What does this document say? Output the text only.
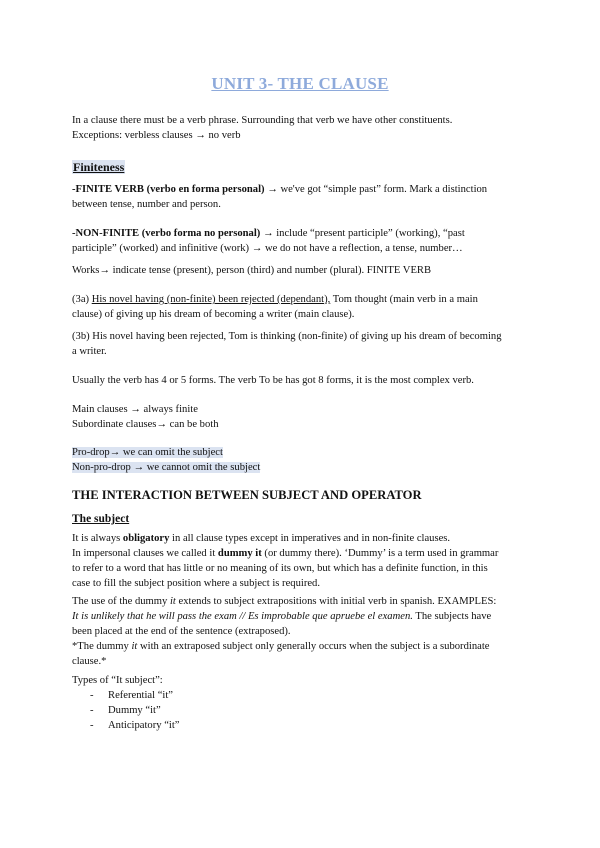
UNIT 3- THE CLAUSE
In a clause there must be a verb phrase. Surrounding that verb we have other constituents.
Exceptions: verbless clauses → no verb
Finiteness
-FINITE VERB (verbo en forma personal) → we've got “simple past” form. Mark a distinction
between tense, number and person.
-NON-FINITE (verbo forma no personal) → include “present participle” (working), “past
participle” (worked) and infinitive (work) → we do not have a reflection, a tense, number…
Works→ indicate tense (present), person (third) and number (plural). FINITE VERB
(3a) His novel having (non-finite) been rejected (dependant), Tom thought (main verb in a main
clause) of giving up his dream of becoming a writer (main clause).
(3b) His novel having been rejected, Tom is thinking (non-finite) of giving up his dream of becoming
a writer.
Usually the verb has 4 or 5 forms. The verb To be has got 8 forms, it is the most complex verb.
Main clauses → always finite
Subordinate clauses→ can be both
Pro-drop→ we can omit the subject
Non-pro-drop → we cannot omit the subject
THE INTERACTION BETWEEN SUBJECT AND OPERATOR
The subject
It is always obligatory in all clause types except in imperatives and in non-finite clauses.
In impersonal clauses we called it dummy it (or dummy there). ‘Dummy’ is a term used in grammar
to refer to a word that has little or no meaning of its own, but which has a definite function, in this
case to fill the subject position where a subject is required.
The use of the dummy it extends to subject extrapositions with initial verb in spanish. EXAMPLES:
It is unlikely that he will pass the exam // Es improbable que apruebe el examen. The subjects have
been placed at the end of the sentence (extraposed).
*The dummy it with an extraposed subject only generally occurs when the subject is a subordinate
clause.*
Types of “It subject”:
- Referential “it”
- Dummy “it”
- Anticipatory “it”
